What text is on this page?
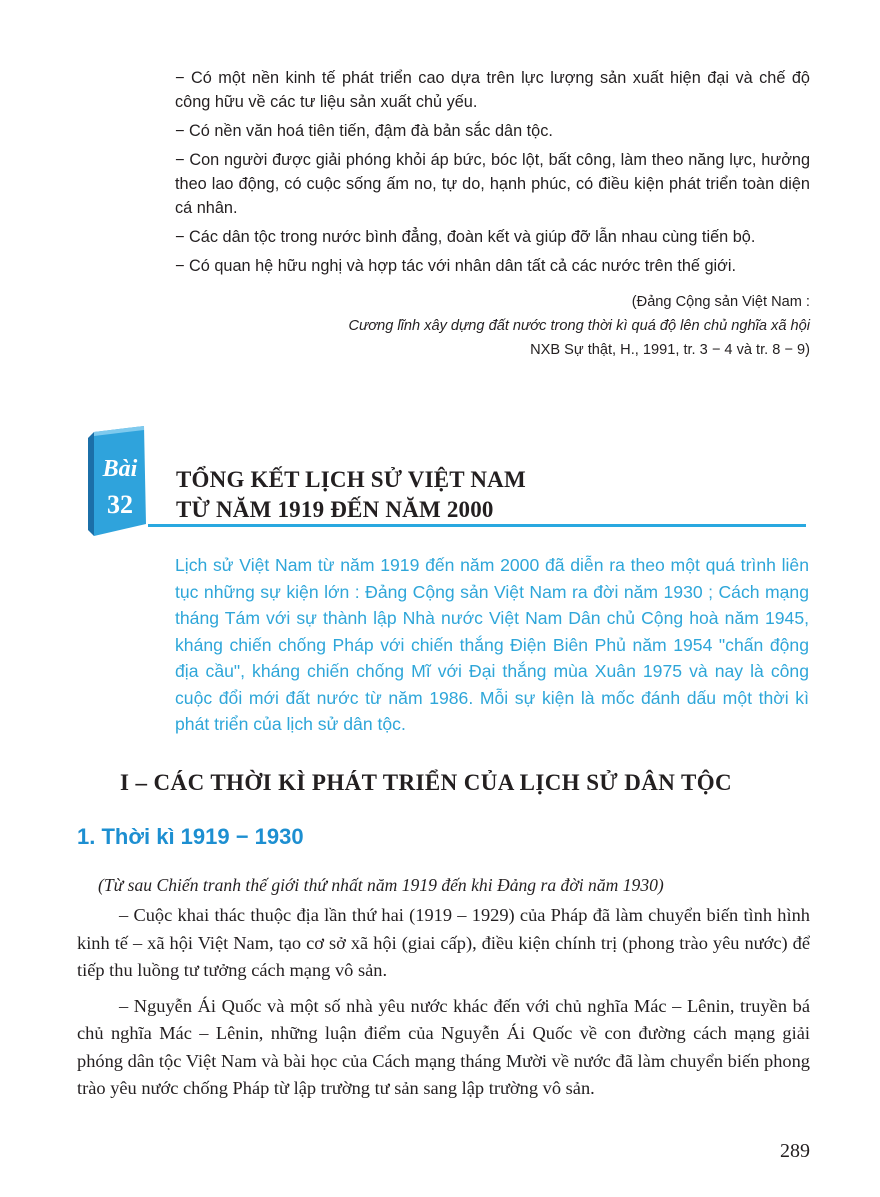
− Có một nền kinh tế phát triển cao dựa trên lực lượng sản xuất hiện đại và chế độ công hữu về các tư liệu sản xuất chủ yếu.

− Có nền văn hoá tiên tiến, đậm đà bản sắc dân tộc.

− Con người được giải phóng khỏi áp bức, bóc lột, bất công, làm theo năng lực, hưởng theo lao động, có cuộc sống ấm no, tự do, hạnh phúc, có điều kiện phát triển toàn diện cá nhân.

− Các dân tộc trong nước bình đẳng, đoàn kết và giúp đỡ lẫn nhau cùng tiến bộ.

− Có quan hệ hữu nghị và hợp tác với nhân dân tất cả các nước trên thế giới.

(Đảng Cộng sản Việt Nam :
Cương lĩnh xây dựng đất nước trong thời kì quá độ lên chủ nghĩa xã hội
NXB Sự thật, H., 1991, tr. 3 − 4 và tr. 8 − 9)
Bài
32
TỔNG KẾT LỊCH SỬ VIỆT NAM
TỪ NĂM 1919 ĐẾN NĂM 2000

Lịch sử Việt Nam từ năm 1919 đến năm 2000 đã diễn ra theo một quá trình liên tục những sự kiện lớn : Đảng Cộng sản Việt Nam ra đời năm 1930 ; Cách mạng tháng Tám với sự thành lập Nhà nước Việt Nam Dân chủ Cộng hoà năm 1945, kháng chiến chống Pháp với chiến thắng Điện Biên Phủ năm 1954 "chấn động địa cầu", kháng chiến chống Mĩ với Đại thắng mùa Xuân 1975 và nay là công cuộc đổi mới đất nước từ năm 1986. Mỗi sự kiện là mốc đánh dấu một thời kì phát triển của lịch sử dân tộc.

I – CÁC THỜI KÌ PHÁT TRIỂN CỦA LỊCH SỬ DÂN TỘC
1. Thời kì 1919 − 1930

(Từ sau Chiến tranh thế giới thứ nhất năm 1919 đến khi Đảng ra đời năm 1930)

– Cuộc khai thác thuộc địa lần thứ hai (1919 – 1929) của Pháp đã làm chuyển biến tình hình kinh tế – xã hội Việt Nam, tạo cơ sở xã hội (giai cấp), điều kiện chính trị (phong trào yêu nước) để tiếp thu luồng tư tưởng cách mạng vô sản.

– Nguyễn Ái Quốc và một số nhà yêu nước khác đến với chủ nghĩa Mác – Lênin, truyền bá chủ nghĩa Mác – Lênin, những luận điểm của Nguyễn Ái Quốc về con đường cách mạng giải phóng dân tộc Việt Nam và bài học của Cách mạng tháng Mười về nước đã làm chuyển biến phong trào yêu nước chống Pháp từ lập trường tư sản sang lập trường vô sản.

289
